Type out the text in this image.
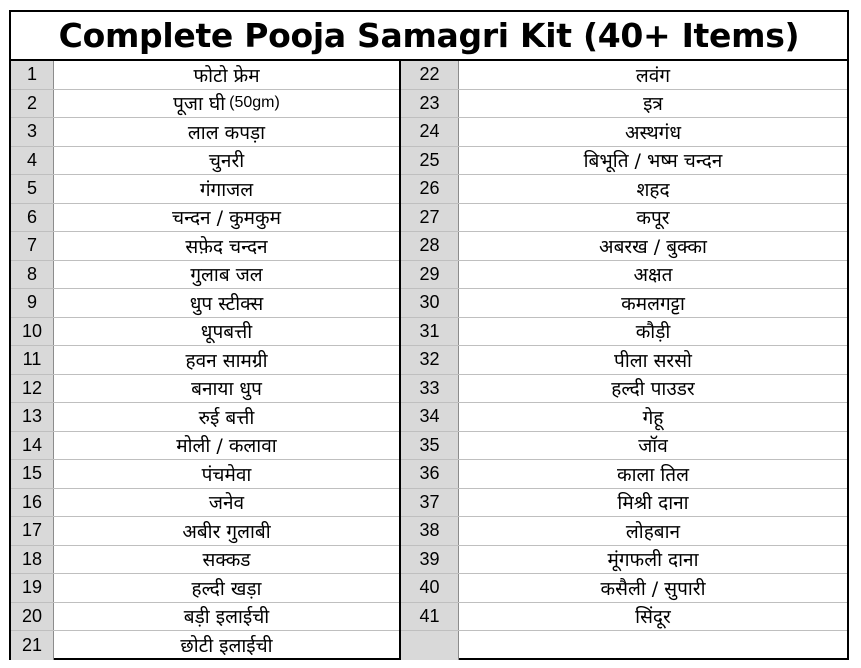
Complete Pooja Samagri Kit (40+ Items)
1	फोटो फ्रेम
2	पूजा घी (50gm)
3	लाल कपड़ा
4	चुनरी
5	गंगाजल
6	चन्दन / कुमकुम
7	सफ़ेद चन्दन
8	गुलाब जल
9	धुप स्टीक्स
10	धूपबत्ती
11	हवन सामग्री
12	बनाया धुप
13	रुई बत्ती
14	मोली / कलावा
15	पंचमेवा
16	जनेव
17	अबीर गुलाबी
18	सक्कड
19	हल्दी खड़ा
20	बड़ी इलाईची
21	छोटी इलाईची
22	लवंग
23	इत्र
24	अस्थगंध
25	बिभूति / भष्म चन्दन
26	शहद
27	कपूर
28	अबरख / बुक्का
29	अक्षत
30	कमलगट्टा
31	कौड़ी
32	पीला सरसो
33	हल्दी पाउडर
34	गेहू
35	जॉव
36	काला तिल
37	मिश्री दाना
38	लोहबान
39	मूंगफली दाना
40	कसैली / सुपारी
41	सिंदूर
